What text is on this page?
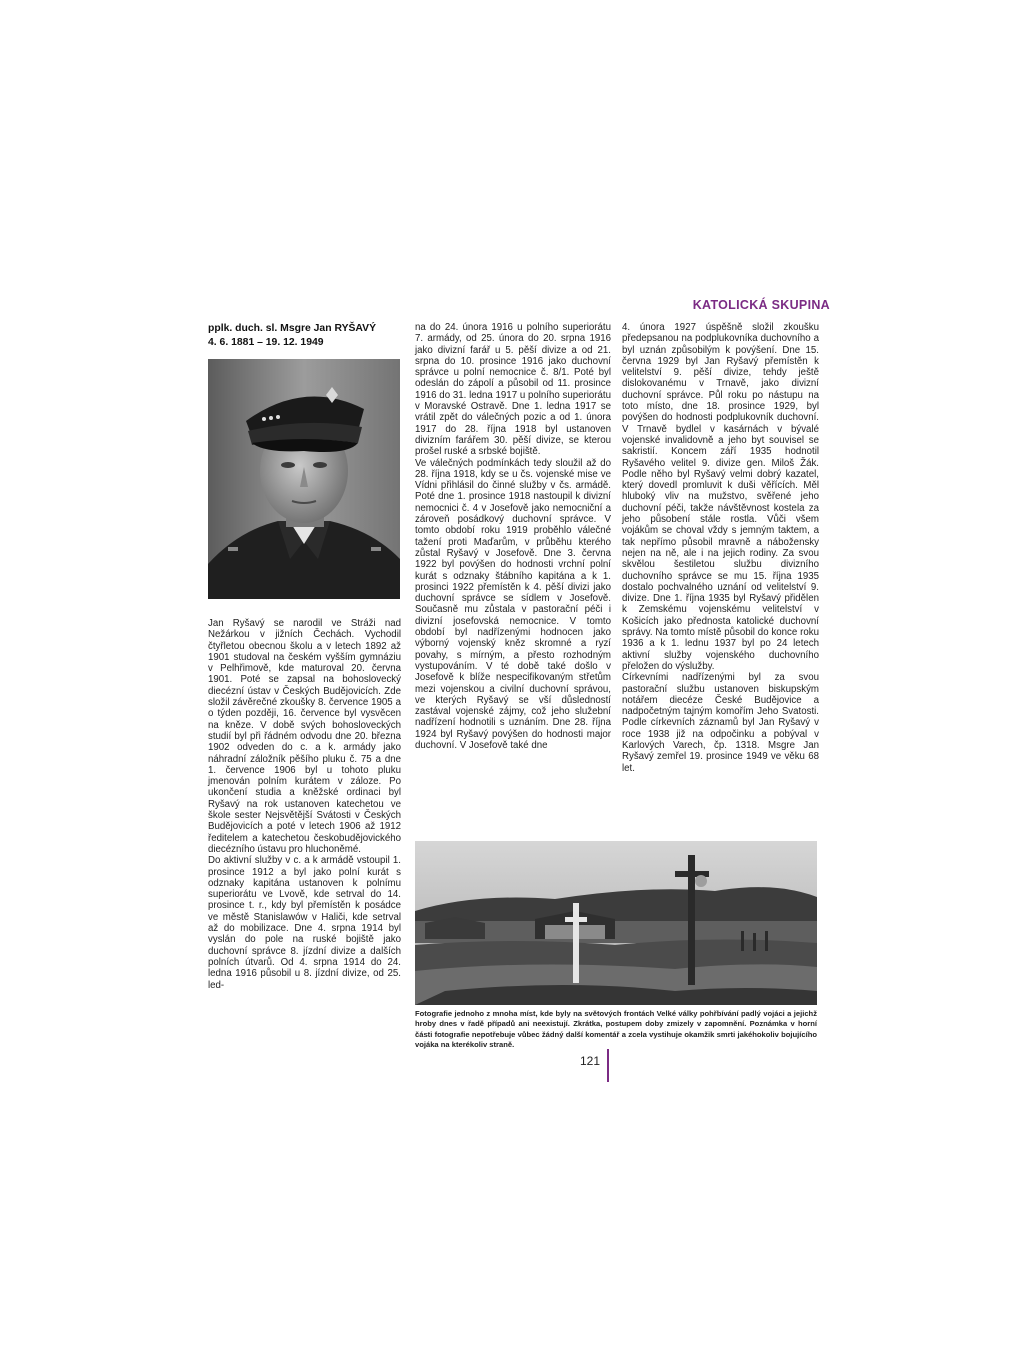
KATOLICKÁ SKUPINA
pplk. duch. sl. Msgre Jan RYŠAVÝ
4. 6. 1881 – 19. 12. 1949

Jan Ryšavý se narodil ve Stráži nad Nežárkou v jižních Čechách. Vychodil čtyřletou obecnou školu a v letech 1892 až 1901 studoval na českém vyšším gymnáziu v Pelhřimově, kde maturoval 20. června 1901. Poté se zapsal na bohoslovecký diecézní ústav v Českých Budějovicích. Zde složil závěrečné zkoušky 8. července 1905 a o týden později, 16. července byl vysvěcen na kněze. V době svých bohosloveckých studií byl při řádném odvodu dne 20. března 1902 odveden do c. a k. armády jako náhradní záložník pěšího pluku č. 75 a dne 1. července 1906 byl u tohoto pluku jmenován polním kurátem v záloze. Po ukončení studia a kněžské ordinaci byl Ryšavý na rok ustanoven katechetou ve škole sester Nejsvětější Svátosti v Českých Budějovicích a poté v letech 1906 až 1912 ředitelem a katechetou českobudějovického diecézního ústavu pro hluchoněmé.

Do aktivní služby v c. a k armádě vstoupil 1. prosince 1912 a byl jako polní kurát s odznaky kapitána ustanoven k polnímu superiorátu ve Lvově, kde setrval do 14. prosince t. r., kdy byl přemístěn k posádce ve městě Stanislawów v Haliči, kde setrval až do mobilizace. Dne 4. srpna 1914 byl vyslán do pole na ruské bojiště jako duchovní správce 8. jízdní divize a dalších polních útvarů. Od 4. srpna 1914 do 24. ledna 1916 působil u 8. jízdní divize, od 25. led-

na do 24. února 1916 u polního superiorátu 7. armády, od 25. února do 20. srpna 1916 jako divizní farář u 5. pěší divize a od 21. srpna do 10. prosince 1916 jako duchovní správce u polní nemocnice č. 8/1. Poté byl odeslán do zápolí a působil od 11. prosince 1916 do 31. ledna 1917 u polního superiorátu v Moravské Ostravě. Dne 1. ledna 1917 se vrátil zpět do válečných pozic a od 1. února 1917 do 28. října 1918 byl ustanoven divizním farářem 30. pěší divize, se kterou prošel ruské a srbské bojiště.

Ve válečných podmínkách tedy sloužil až do 28. října 1918, kdy se u čs. vojenské mise ve Vídni přihlásil do činné služby v čs. armádě. Poté dne 1. prosince 1918 nastoupil k divizní nemocnici č. 4 v Josefově jako nemocniční a zároveň posádkový duchovní správce. V tomto období roku 1919 proběhlo válečné tažení proti Maďarům, v průběhu kterého zůstal Ryšavý v Josefově. Dne 3. června 1922 byl povýšen do hodnosti vrchní polní kurát s odznaky štábního kapitána a k 1. prosinci 1922 přemístěn k 4. pěší divizi jako duchovní správce se sídlem v Josefově. Současně mu zůstala v pastorační péči i divizní josefovská nemocnice. V tomto období byl nadřízenými hodnocen jako výborný vojenský kněz skromné a ryzí povahy, s mírným, a přesto rozhodným vystupováním. V té době také došlo v Josefově k blíže nespecifikovaným střetům mezi vojenskou a civilní duchovní správou, ve kterých Ryšavý se vší důsledností zastával vojenské zájmy, což jeho služební nadřízení hodnotili s uznáním. Dne 28. října 1924 byl Ryšavý povýšen do hodnosti major duchovní. V Josefově také dne

4. února 1927 úspěšně složil zkoušku předepsanou na podplukovníka duchovního a byl uznán způsobilým k povýšení. Dne 15. června 1929 byl Jan Ryšavý přemístěn k velitelství 9. pěší divize, tehdy ještě dislokovanému v Trnavě, jako divizní duchovní správce. Půl roku po nástupu na toto místo, dne 18. prosince 1929, byl povýšen do hodnosti podplukovník duchovní. V Trnavě bydlel v kasárnách v bývalé vojenské invalidovně a jeho byt souvisel se sakristií. Koncem září 1935 hodnotil Ryšavého velitel 9. divize gen. Miloš Žák. Podle něho byl Ryšavý velmi dobrý kazatel, který dovedl promluvit k duši věřících. Měl hluboký vliv na mužstvo, svěřené jeho duchovní péči, takže návštěvnost kostela za jeho působení stále rostla. Vůči všem vojákům se choval vždy s jemným taktem, a tak nepřímo působil mravně a nábožensky nejen na ně, ale i na jejich rodiny. Za svou skvělou šestiletou službu divizního duchovního správce se mu 15. října 1935 dostalo pochvalného uznání od velitelství 9. divize. Dne 1. října 1935 byl Ryšavý přidělen k Zemskému vojenskému velitelství v Košicích jako přednosta katolické duchovní správy. Na tomto místě působil do konce roku 1936 a k 1. lednu 1937 byl po 24 letech aktivní služby vojenského duchovního přeložen do výslužby.

Církevními nadřízenými byl za svou pastorační službu ustanoven biskupským notářem diecéze České Budějovice a nadpočetným tajným komořím Jeho Svatosti. Podle církevních záznamů byl Jan Ryšavý v roce 1938 již na odpočinku a pobýval v Karlových Varech, čp. 1318. Msgre Jan Ryšavý zemřel 19. prosince 1949 ve věku 68 let.

Fotografie jednoho z mnoha míst, kde byly na světových frontách Velké války pohřbívání padlý vojáci a jejichž hroby dnes v řadě případů ani neexistují. Zkrátka, postupem doby zmizely v zapomnění. Poznámka v horní části fotografie nepotřebuje vůbec žádný další komentář a zcela vystihuje okamžik smrti jakéhokoliv bojujícího vojáka na kterékoliv straně.
121
